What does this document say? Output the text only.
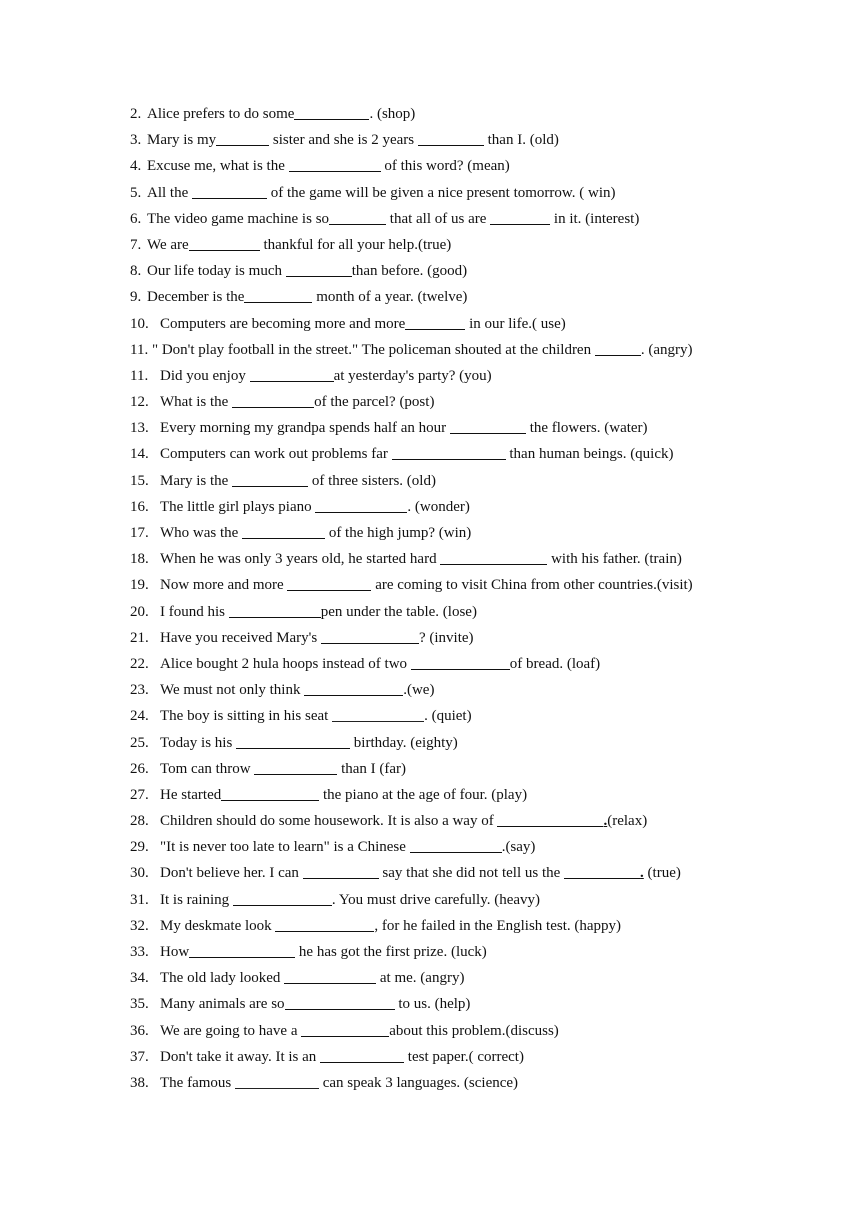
2. Alice prefers to do some	. (shop)
3. Mary is my	sister and she is 2 years	than I. (old)
4. Excuse me, what is the	of this word? (mean)
5. All the	of the game will be given a nice present tomorrow. ( win)
6. The video game machine is so	that all of us are	in it. (interest)
7. We are	thankful for all your help.(true)
8. Our life today is much	than before. (good)
9. December is the	month of a year. (twelve)
10. Computers are becoming more and more	in our life.( use)
11. " Don't play football in the street." The policeman shouted at the children	. (angry)
11. Did you enjoy	at yesterday's party? (you)
12. What is the	of the parcel? (post)
13. Every morning my grandpa spends half an hour	the flowers. (water)
14. Computers can work out problems far	than human beings. (quick)
15. Mary is the	of three sisters. (old)
16. The little girl plays piano	. (wonder)
17. Who was the	of the high jump? (win)
18. When he was only 3 years old, he started hard	with his father. (train)
19. Now more and more	are coming to visit China from other countries.(visit)
20. I found his	pen under the table. (lose)
21. Have you received Mary's	? (invite)
22. Alice bought 2 hula hoops instead of two	of bread. (loaf)
23. We must not only think	.(we)
24. The boy is sitting in his seat	. (quiet)
25. Today is his	birthday. (eighty)
26. Tom can throw	than I (far)
27. He started	the piano at the age of four. (play)
28. Children should do some housework. It is also a way of	.(relax)
29. "It is never too late to learn" is a Chinese	.(say)
30. Don't believe her. I can	say that she did not tell us the	. (true)
31. It is raining	. You must drive carefully. (heavy)
32. My deskmate look	, for he failed in the English test. (happy)
33. How	he has got the first prize. (luck)
34. The old lady looked	at me. (angry)
35. Many animals are so	to us. (help)
36. We are going to have a	about this problem.(discuss)
37. Don't take it away. It is an	test paper.( correct)
38. The famous	can speak 3 languages. (science)
